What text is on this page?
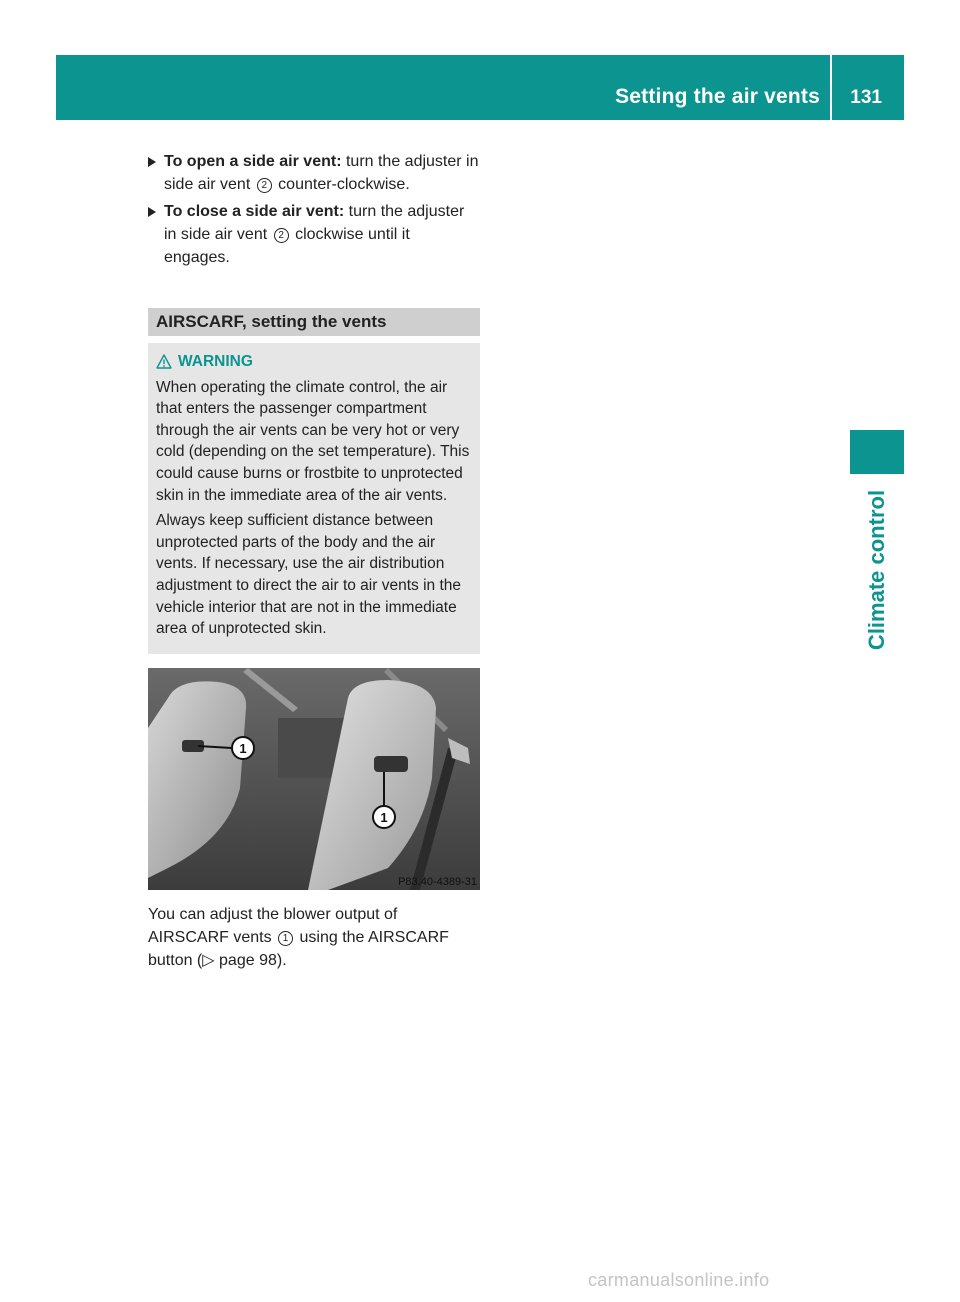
Setting the air vents 131
Climate control
To open a side air vent: turn the adjuster in side air vent 2 counter-clockwise.
To close a side air vent: turn the adjuster in side air vent 2 clockwise until it engages.
AIRSCARF, setting the vents
WARNING

When operating the climate control, the air that enters the passenger compartment through the air vents can be very hot or very cold (depending on the set temperature). This could cause burns or frostbite to unprotected skin in the immediate area of the air vents.

Always keep sufficient distance between unprotected parts of the body and the air vents. If necessary, use the air distribution adjustment to direct the air to air vents in the vehicle interior that are not in the immediate area of unprotected skin.

1
1
P83.40-4389-31
You can adjust the blower output of AIRSCARF vents 1 using the AIRSCARF button (▷ page 98).
carmanualsonline.info
